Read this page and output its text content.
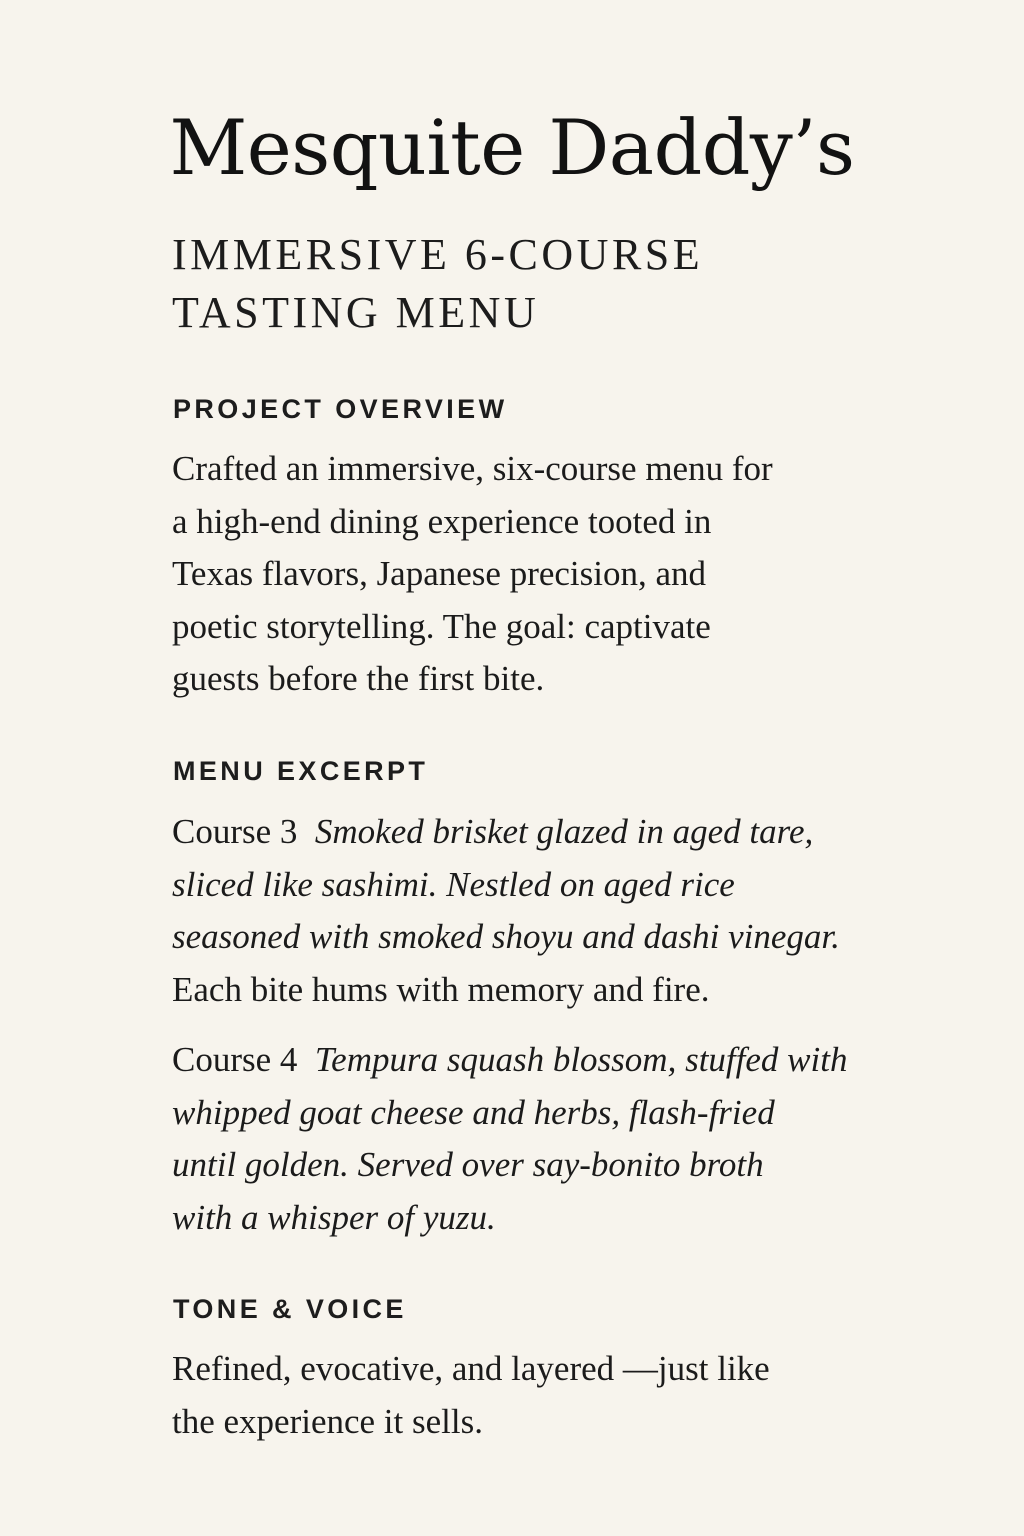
Mesquite Daddy’s
IMMERSIVE 6-COURSE
TASTING MENU
PROJECT OVERVIEW

Crafted an immersive, six-course menu for
a high-end dining experience tooted in
Texas flavors, Japanese precision, and
poetic storytelling. The goal: captivate
guests before the first bite.

MENU EXCERPT

Course 3 Smoked brisket glazed in aged tare,
sliced like sashimi. Nestled on aged rice
seasoned with smoked shoyu and dashi vinegar.
Each bite hums with memory and fire.

Course 4 Tempura squash blossom, stuffed with
whipped goat cheese and herbs, flash-fried
until golden. Served over say-bonito broth
with a whisper of yuzu.

TONE & VOICE

Refined, evocative, and layered —just like
the experience it sells.
